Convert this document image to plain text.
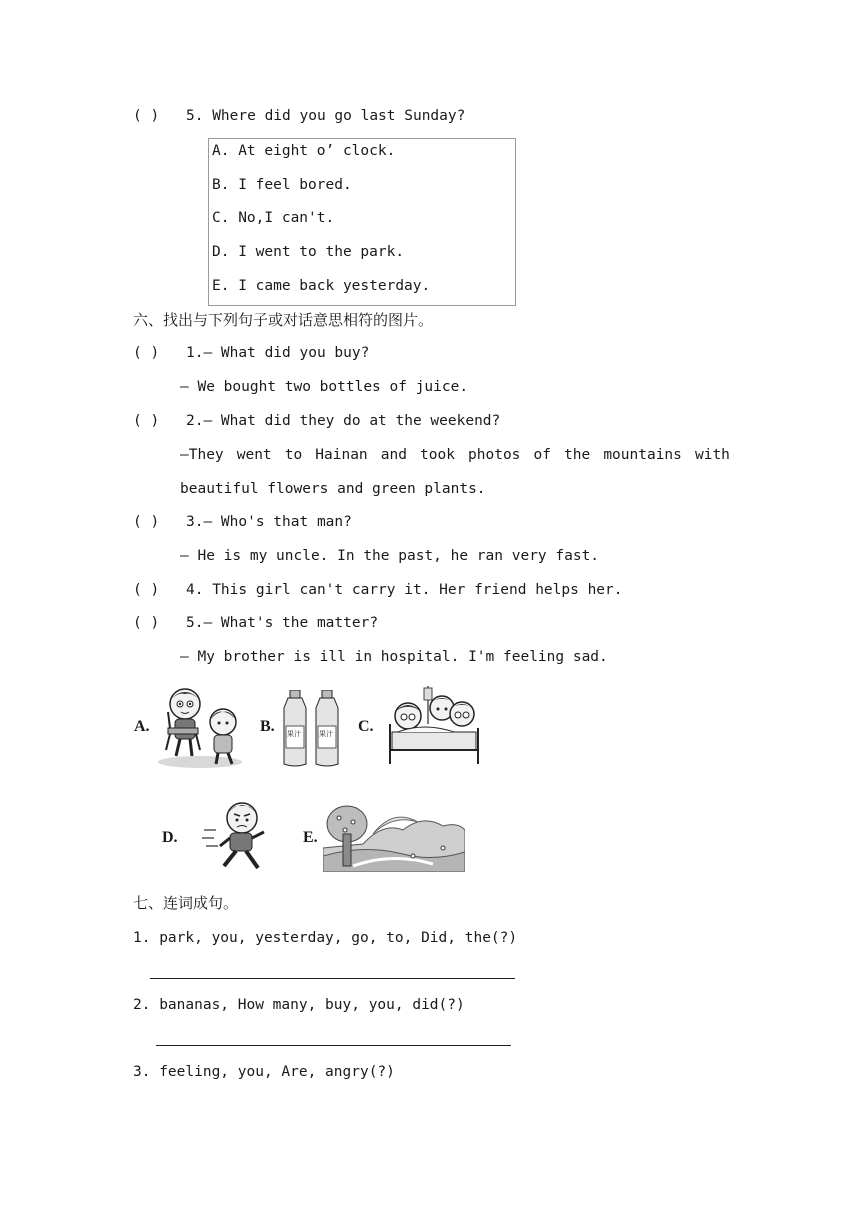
( ) 5. Where did you go last Sunday?
A. At eight o’ clock.
B. I feel bored.
C. No,I can't.
D. I went to the park.
E. I came back yesterday.
六、找出与下列句子或对话意思相符的图片。
( ) 1.— What did you buy?
— We bought two bottles of juice.
( ) 2.— What did they do at the weekend?
—They went to Hainan and took photos of the mountains with
beautiful flowers and green plants.
( ) 3.— Who's that man?
— He is my uncle. In the past, he ran very fast.
( ) 4. This girl can't carry it. Her friend helps her.
( ) 5.— What's the matter?
— My brother is ill in hospital. I'm feeling sad.
A.	B. 果汁	果汁 C.
D.	E.
七、连词成句。
1. park, you, yesterday, go, to, Did, the(?)
2. bananas, How many, buy, you, did(?)
3. feeling, you, Are, angry(?)
